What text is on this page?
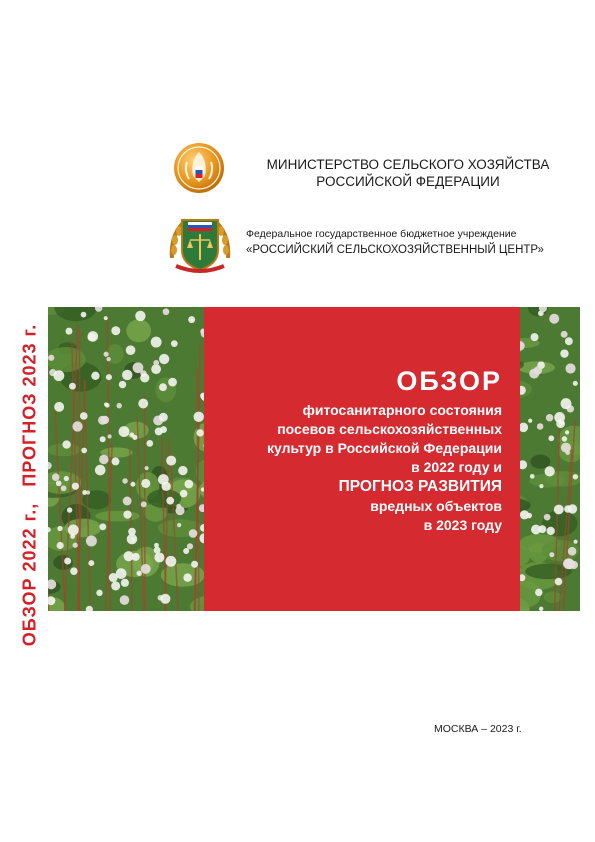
ОБЗОР 2022 г.,ПРОГНОЗ 2023 г.
МИНИСТЕРСТВО СЕЛЬСКОГО ХОЗЯЙСТВА
РОССИЙСКОЙ ФЕДЕРАЦИИ
Федеральное государственное бюджетное учреждение
«РОССИЙСКИЙ СЕЛЬСКОХОЗЯЙСТВЕННЫЙ ЦЕНТР»
ОБЗОР
фитосанитарного состояния
посевов сельскохозяйственных
культур в Российской Федерации
в 2022 году и
ПРОГНОЗ РАЗВИТИЯ
вредных объектов
в 2023 году
МОСКВА – 2023 г.
